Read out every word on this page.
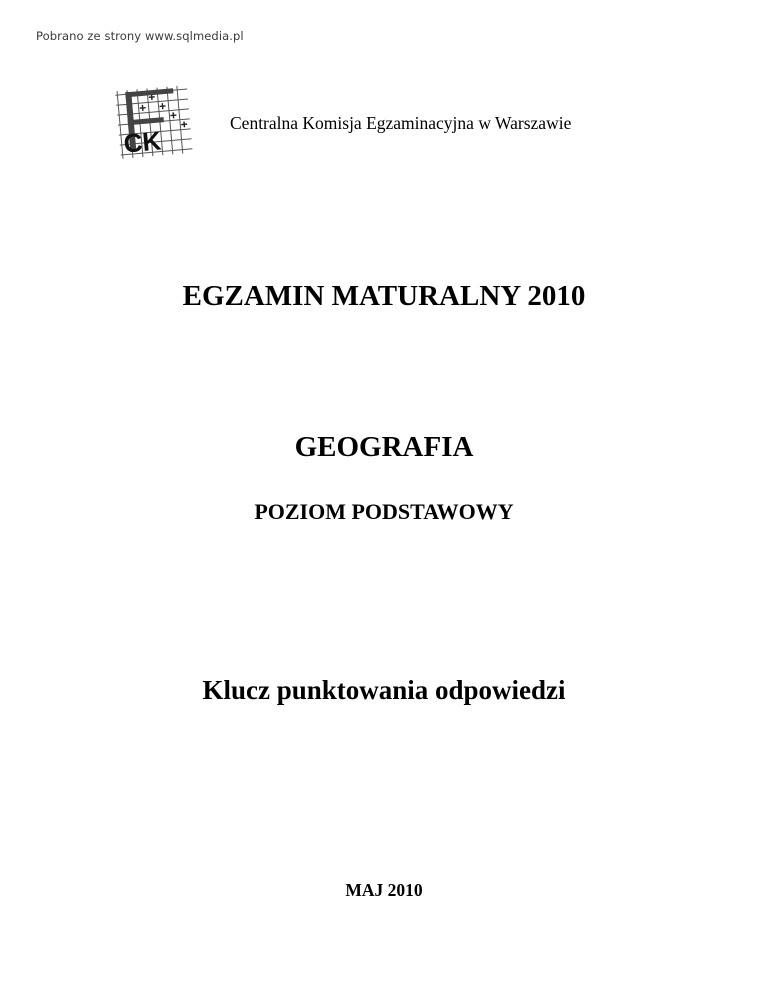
Pobrano ze strony www.sqlmedia.pl
CK
Centralna Komisja Egzaminacyjna w Warszawie
EGZAMIN MATURALNY 2010
GEOGRAFIA
POZIOM PODSTAWOWY
Klucz punktowania odpowiedzi
MAJ 2010
